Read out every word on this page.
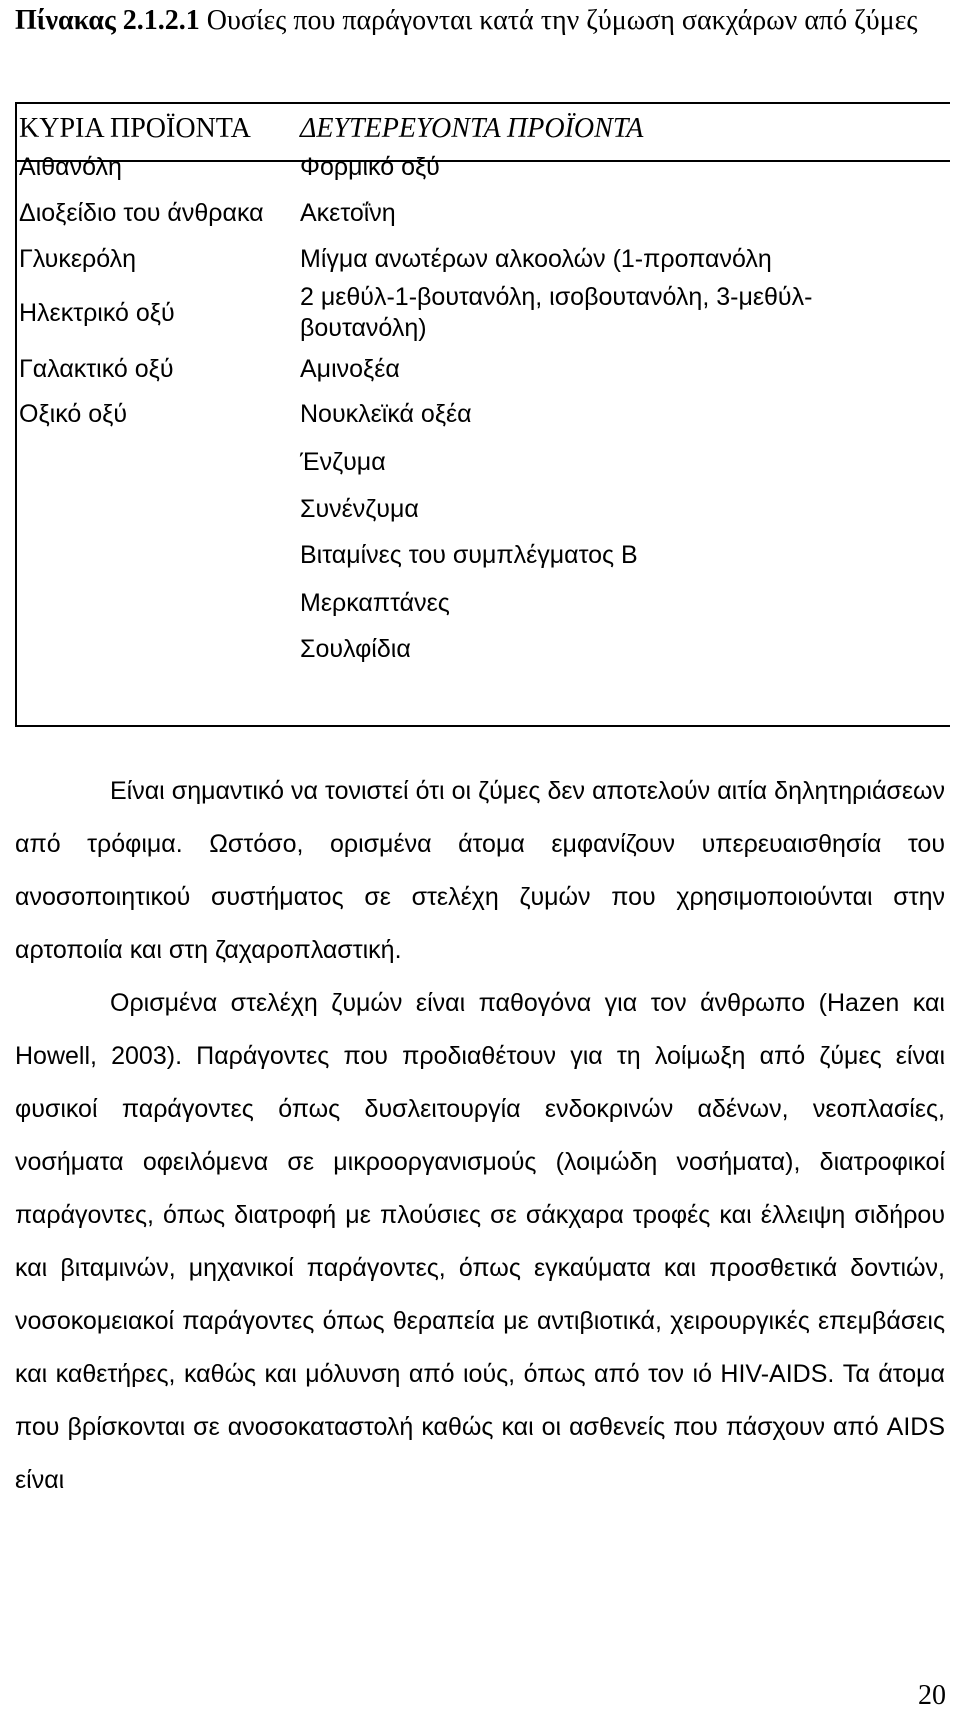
Πίνακας 2.1.2.1 Ουσίες που παράγονται κατά την ζύμωση σακχάρων από ζύμες
ΚΥΡΙΑ ΠΡΟΪΟΝΤΑ ΔΕΥΤΕΡΕΥΟΝΤΑ ΠΡΟΪΟΝΤΑ
Αιθανόλη
Διοξείδιο του άνθρακα
Γλυκερόλη
Ηλεκτρικό οξύ
Γαλακτικό οξύ
Οξικό οξύ
Φορμικό οξύ
Ακετοΐνη
Μίγμα ανωτέρων αλκοολών (1-προπανόλη
2 μεθύλ-1-βουτανόλη, ισοβουτανόλη, 3-μεθύλ-
βουτανόλη)
Αμινοξέα
Νουκλεϊκά οξέα
Ένζυμα
Συνένζυμα
Βιταμίνες του συμπλέγματος Β
Μερκαπτάνες
Σουλφίδια

Είναι σημαντικό να τονιστεί ότι οι ζύμες δεν αποτελούν αιτία δηλητηριάσεων από τρόφιμα. Ωστόσο, ορισμένα άτομα εμφανίζουν υπερευαισθησία του ανοσοποιητικού συστήματος σε στελέχη ζυμών που χρησιμοποιούνται στην αρτοποιία και στη ζαχαροπλαστική.

Ορισμένα στελέχη ζυμών είναι παθογόνα για τον άνθρωπο (Hazen και Howell, 2003). Παράγοντες που προδιαθέτουν για τη λοίμωξη από ζύμες είναι φυσικοί παράγοντες όπως δυσλειτουργία ενδοκρινών αδένων, νεοπλασίες, νοσήματα οφειλόμενα σε μικροοργανισμούς (λοιμώδη νοσήματα), διατροφικοί παράγοντες, όπως διατροφή με πλούσιες σε σάκχαρα τροφές και έλλειψη σιδήρου και βιταμινών, μηχανικοί παράγοντες, όπως εγκαύματα και προσθετικά δοντιών, νοσοκομειακοί παράγοντες όπως θεραπεία με αντιβιοτικά, χειρουργικές επεμβάσεις και καθετήρες, καθώς και μόλυνση από ιούς, όπως από τον ιό HIV-AIDS. Τα άτομα που βρίσκονται σε ανοσοκαταστολή καθώς και οι ασθενείς που πάσχουν από AIDS είναι

20
